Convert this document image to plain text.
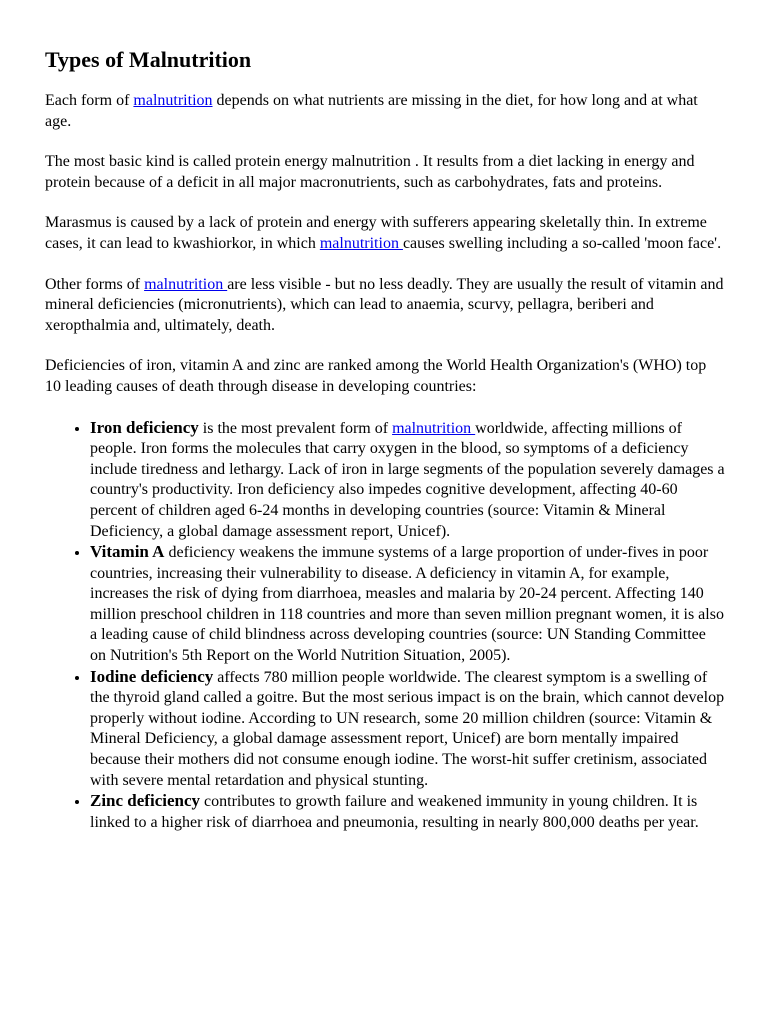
Types of Malnutrition

Each form of malnutrition depends on what nutrients are missing in the diet, for how long and at what age.

The most basic kind is called protein energy malnutrition . It results from a diet lacking in energy and protein because of a deficit in all major macronutrients, such as carbohydrates, fats and proteins.

Marasmus is caused by a lack of protein and energy with sufferers appearing skeletally thin. In extreme cases, it can lead to kwashiorkor, in which malnutrition causes swelling including a so-called 'moon face'.

Other forms of malnutrition are less visible - but no less deadly. They are usually the result of vitamin and mineral deficiencies (micronutrients), which can lead to anaemia, scurvy, pellagra, beriberi and xeropthalmia and, ultimately, death.

Deficiencies of iron, vitamin A and zinc are ranked among the World Health Organization's (WHO) top 10 leading causes of death through disease in developing countries:

• Iron deficiency is the most prevalent form of malnutrition worldwide, affecting millions of people. Iron forms the molecules that carry oxygen in the blood, so symptoms of a deficiency include tiredness and lethargy. Lack of iron in large segments of the population severely damages a country's productivity. Iron deficiency also impedes cognitive development, affecting 40-60 percent of children aged 6-24 months in developing countries (source: Vitamin & Mineral Deficiency, a global damage assessment report, Unicef).
• Vitamin A deficiency weakens the immune systems of a large proportion of under-fives in poor countries, increasing their vulnerability to disease. A deficiency in vitamin A, for example, increases the risk of dying from diarrhoea, measles and malaria by 20-24 percent. Affecting 140 million preschool children in 118 countries and more than seven million pregnant women, it is also a leading cause of child blindness across developing countries (source: UN Standing Committee on Nutrition's 5th Report on the World Nutrition Situation, 2005).
• Iodine deficiency affects 780 million people worldwide. The clearest symptom is a swelling of the thyroid gland called a goitre. But the most serious impact is on the brain, which cannot develop properly without iodine. According to UN research, some 20 million children (source: Vitamin & Mineral Deficiency, a global damage assessment report, Unicef) are born mentally impaired because their mothers did not consume enough iodine. The worst-hit suffer cretinism, associated with severe mental retardation and physical stunting.
• Zinc deficiency contributes to growth failure and weakened immunity in young children. It is linked to a higher risk of diarrhoea and pneumonia, resulting in nearly 800,000 deaths per year.
